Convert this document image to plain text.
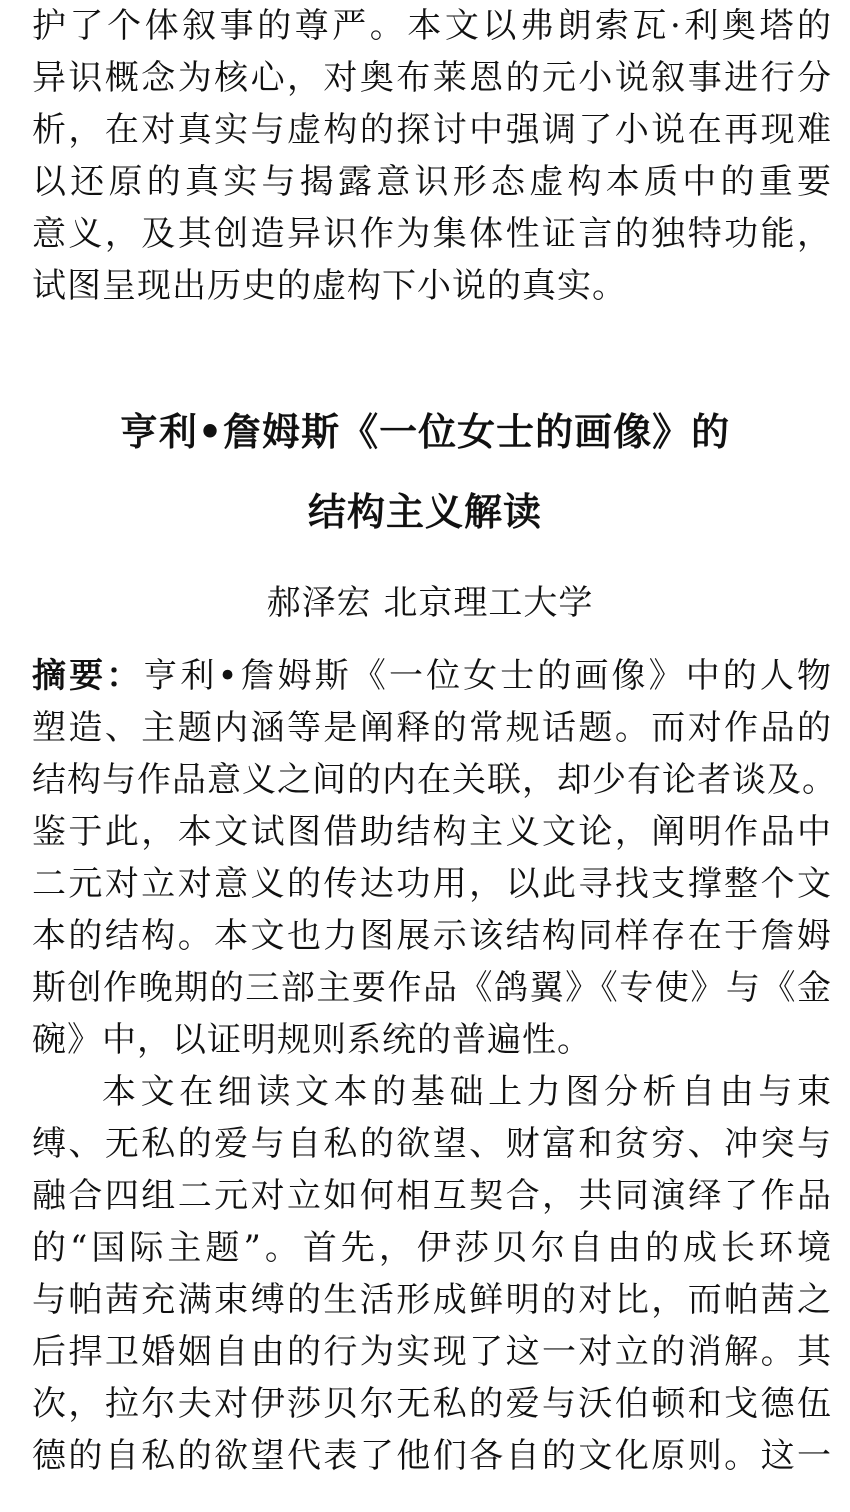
护了个体叙事的尊严。本文以弗朗索瓦·利奥塔的
异识概念为核心，对奥布莱恩的元小说叙事进行分
析，在对真实与虚构的探讨中强调了小说在再现难
以还原的真实与揭露意识形态虚构本质中的重要
意义，及其创造异识作为集体性证言的独特功能，
试图呈现出历史的虚构下小说的真实。
亨利•詹姆斯《一位女士的画像》的
结构主义解读
郝泽宏 北京理工大学
摘要：亨利•詹姆斯《一位女士的画像》中的人物
塑造、主题内涵等是阐释的常规话题。而对作品的
结构与作品意义之间的内在关联，却少有论者谈及。
鉴于此，本文试图借助结构主义文论，阐明作品中
二元对立对意义的传达功用，以此寻找支撑整个文
本的结构。本文也力图展示该结构同样存在于詹姆
斯创作晚期的三部主要作品《鸽翼》《专使》与《金
碗》中，以证明规则系统的普遍性。
本文在细读文本的基础上力图分析自由与束
缚、无私的爱与自私的欲望、财富和贫穷、冲突与
融合四组二元对立如何相互契合，共同演绎了作品
的“国际主题”。首先，伊莎贝尔自由的成长环境
与帕茜充满束缚的生活形成鲜明的对比，而帕茜之
后捍卫婚姻自由的行为实现了这一对立的消解。其
次，拉尔夫对伊莎贝尔无私的爱与沃伯顿和戈德伍
德的自私的欲望代表了他们各自的文化原则。这一
